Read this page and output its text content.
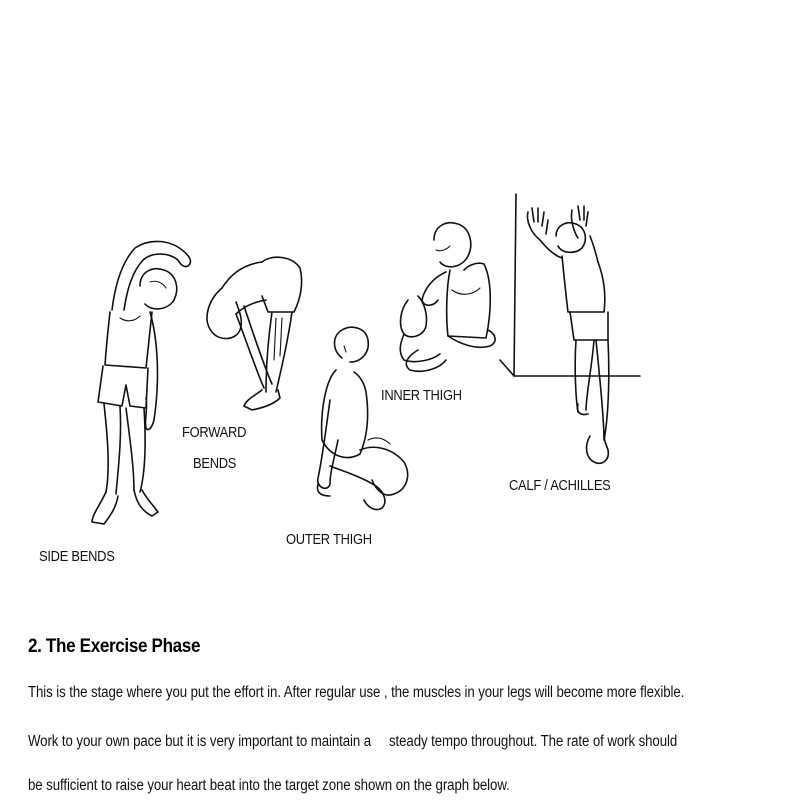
SIDE BENDS
FORWARD
BENDS
OUTER THIGH
INNER THIGH
CALF / ACHILLES
2. The Exercise Phase
This is the stage where you put the effort in. After regular use , the muscles in your legs will become more flexible.
Work to your own pace but it is very important to maintain a     steady tempo throughout. The rate of work should
be sufficient to raise your heart beat into the target zone shown on the graph below.
